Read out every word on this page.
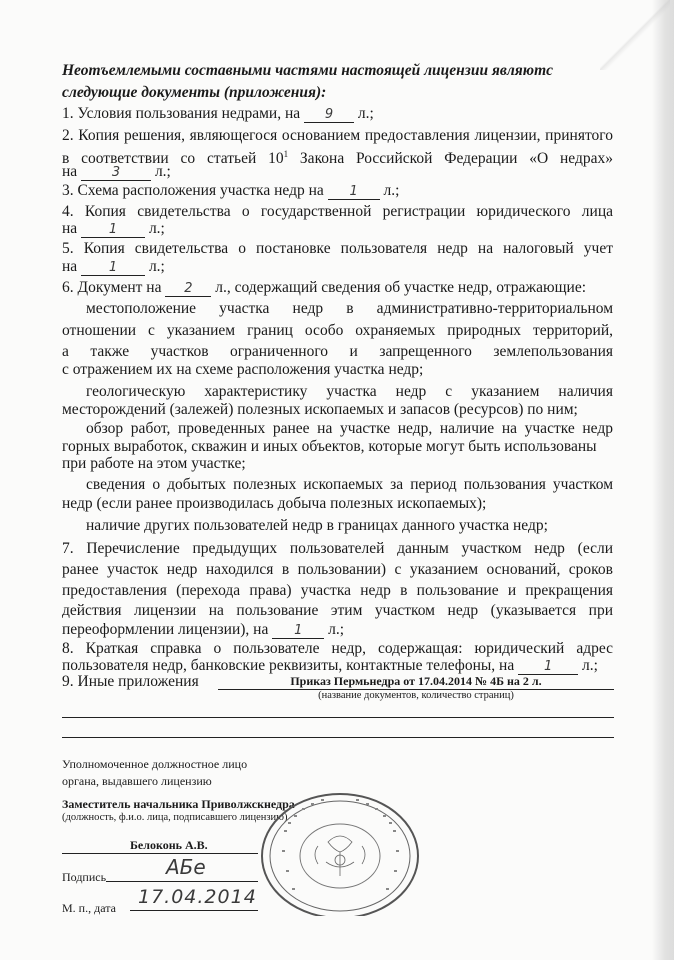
Неотъемлемыми составными частями настоящей лицензии являютс
следующие документы (приложения):
1. Условия пользования недрами, на 9 л.;
2. Копия решения, являющегося основанием предоставления лицензии, принятого
в соответствии со статьей $10^1$ Закона Российской Федерации «О недрах»
на	3 л.;
3. Схема расположения участка недр на 1 л.;
4. Копия свидетельства о государственной регистрации юридического лица
на 1 л.;
5. Копия свидетельства о постановке пользователя недр на налоговый учет
на 1 л.;
6. Документ на 2 л., содержащий сведения об участке недр, отражающие:
местоположение участка недр в административно-территориальном
отношении с указанием границ особо охраняемых природных территорий,
а также участков ограниченного и запрещенного землепользования
с отражением их на схеме расположения участка недр;
геологическую характеристику участка недр с указанием наличия
месторождений (залежей) полезных ископаемых и запасов (ресурсов) по ним;
обзор работ, проведенных ранее на участке недр, наличие на участке недр
горных выработок, скважин и иных объектов, которые могут быть использованы
при работе на этом участке;
сведения о добытых полезных ископаемых за период пользования участком
недр (если ранее производилась добыча полезных ископаемых);
наличие других пользователей недр в границах данного участка недр;
7. Перечисление предыдущих пользователей данным участком недр (если
ранее участок недр находился в пользовании) с указанием оснований, сроков
предоставления (перехода права) участка недр в пользование и прекращения
действия лицензии на пользование этим участком недр (указывается при
переоформлении лицензии), на 1 л.;
8. Краткая справка о пользователе недр, содержащая: юридический адрес
пользователя недр, банковские реквизиты, контактные телефоны, на 1 л.;
9. Иные приложения	Приказ Пермьнедра от 17.04.2014 № 4Б на 2 л.
(название документов, количество страниц)
Уполномоченное должностное лицо
органа, выдавшего лицензию
Заместитель начальника Приволжскнедра
(должность, ф.и.о. лица, подписавшего лицензию)
Белоконь А.В.
Подпись	АБе
М. п., дата 17.04.2014
